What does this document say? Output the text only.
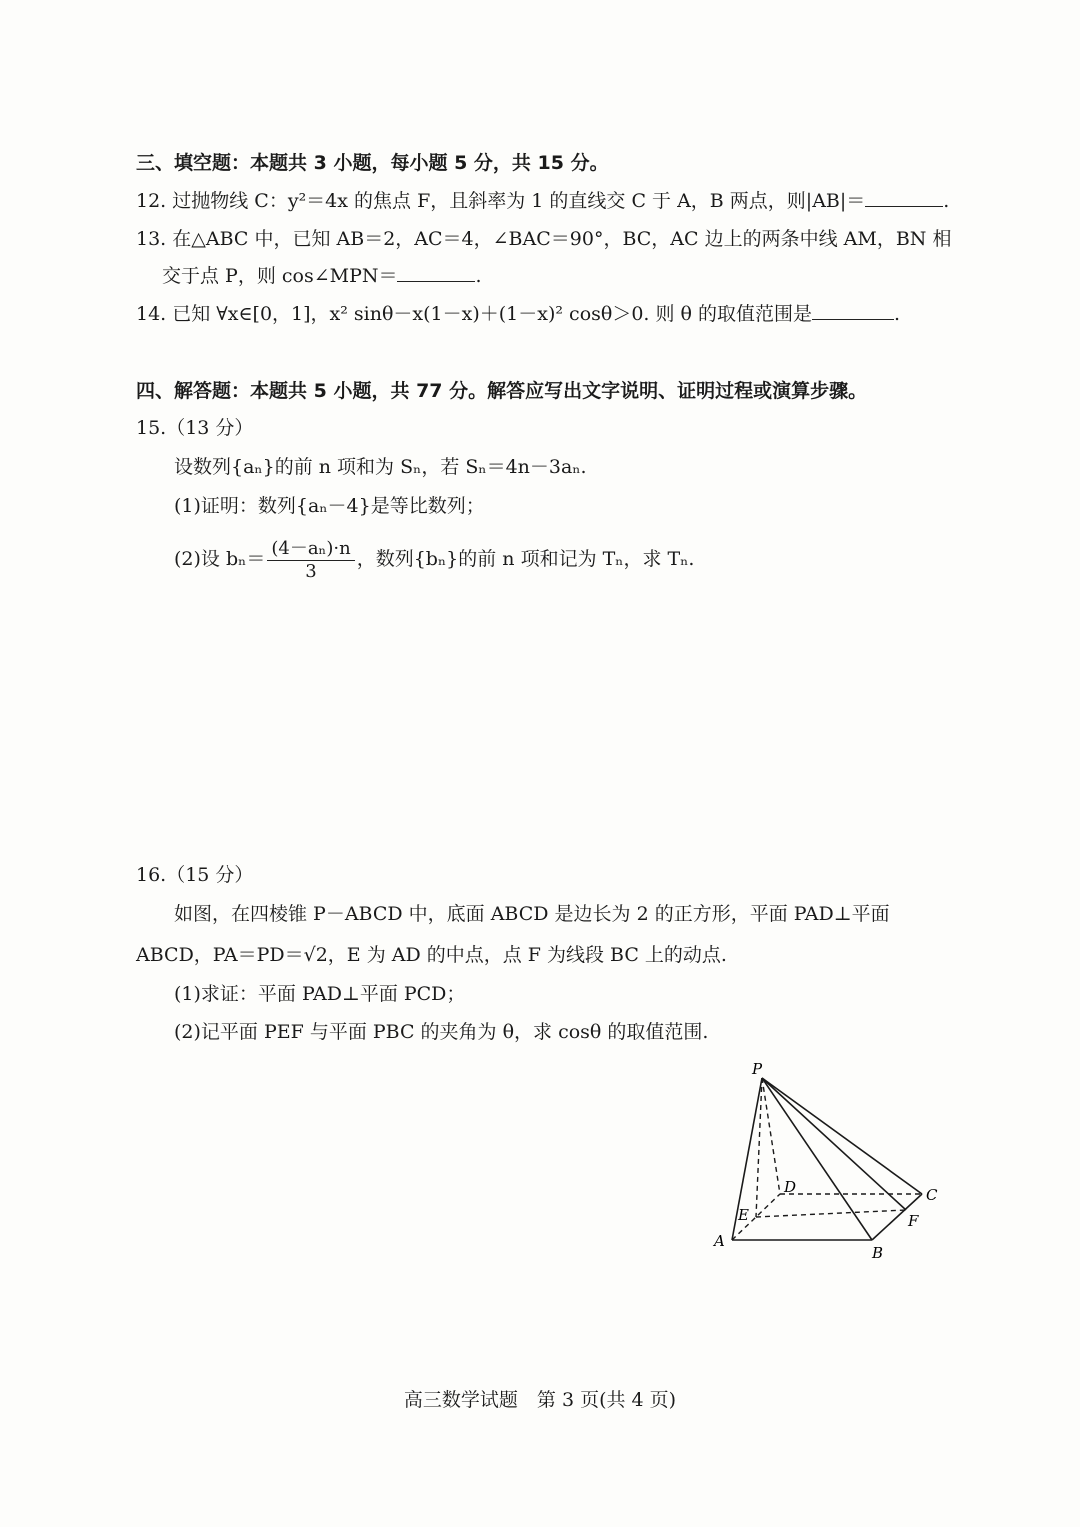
三、填空题：本题共 3 小题，每小题 5 分，共 15 分。
12. 过抛物线 C：y²＝4x 的焦点 F，且斜率为 1 的直线交 C 于 A，B 两点，则|AB|＝	.
13. 在△ABC 中，已知 AB＝2，AC＝4，∠BAC＝90°，BC，AC 边上的两条中线 AM，BN 相
交于点 P，则 cos∠MPN＝	.
14. 已知 ∀x∈[0，1]，x² sinθ－x(1－x)＋(1－x)² cosθ＞0. 则 θ 的取值范围是	.
四、解答题：本题共 5 小题，共 77 分。解答应写出文字说明、证明过程或演算步骤。
15.（13 分）
设数列{aₙ}的前 n 项和为 Sₙ，若 Sₙ＝4n－3aₙ.
(1)证明：数列{aₙ－4}是等比数列；
(2)设 $b_n= \frac{\text{(4－aₙ)·n}}{3}$ ，数列{bₙ}的前 n 项和记为 Tₙ，求 Tₙ.
16.（15 分）
如图，在四棱锥 P－ABCD 中，底面 ABCD 是边长为 2 的正方形，平面 PAD⊥平面
ABCD，PA＝PD＝√2，E 为 AD 的中点，点 F 为线段 BC 上的动点.
(1)求证：平面 PAD⊥平面 PCD；
(2)记平面 PEF 与平面 PBC 的夹角为 θ，求 cosθ 的取值范围.
P
A
B
C
D
E	F
高三数学试题　第 3 页(共 4 页)
